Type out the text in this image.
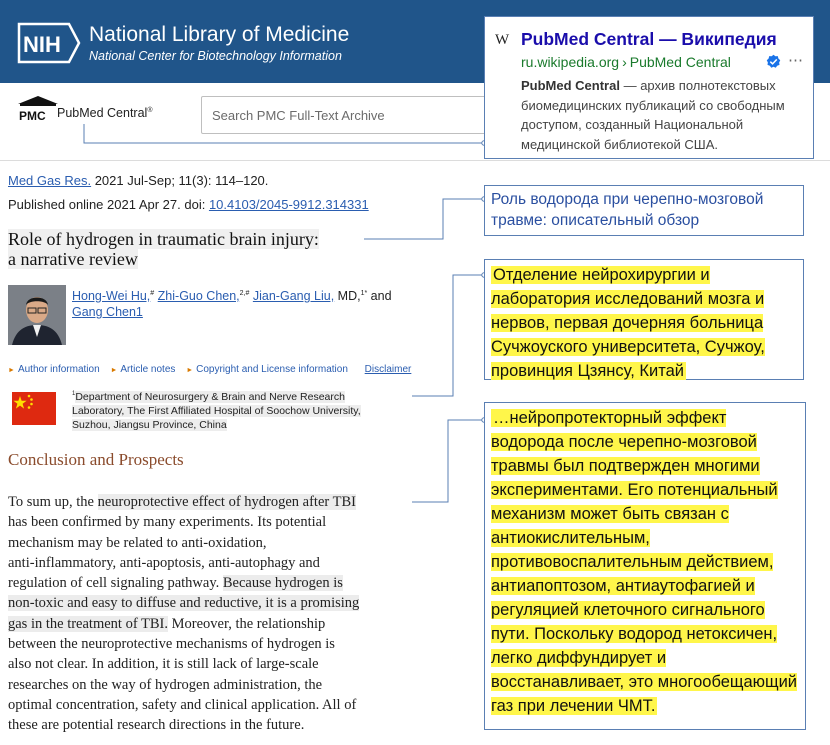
NIH National Library of Medicine
National Center for Biotechnology Information
PMC PubMed Central®
Search PMC Full-Text Archive
Med Gas Res. 2021 Jul-Sep; 11(3): 114–120.
Published online 2021 Apr 27. doi: 10.4103/2045-9912.314331
Role of hydrogen in traumatic brain injury:
a narrative review
Hong-Wei Hu,# Zhi-Guo Chen,$^{2,\#}$ Jian-Gang Liu, MD,$^{1*}$ and
Gang Chen1
► Author information ► Article notes ► Copyright and License information Disclaimer
$^1$Department of Neurosurgery & Brain and Nerve Research
Laboratory, The First Affiliated Hospital of Soochow University,
Suzhou, Jiangsu Province, China
Conclusion and Prospects
To sum up, the neuroprotective effect of hydrogen after TBI
has been confirmed by many experiments. Its potential
mechanism may be related to anti-oxidation,
anti-inflammatory, anti-apoptosis, anti-autophagy and
regulation of cell signaling pathway. Because hydrogen is
non-toxic and easy to diffuse and reductive, it is a promising
gas in the treatment of TBI. Moreover, the relationship
between the neuroprotective mechanisms of hydrogen is
also not clear. In addition, it is still lack of large-scale
researches on the way of hydrogen administration, the
optimal concentration, safety and clinical application. All of
these are potential research directions in the future.
W PubMed Central — Википедия
ru.wikipedia.org › PubMed Central	⋯
PubMed Central — архив полнотекстовых биомедицинских публикаций со свободным доступом, созданный Национальной медицинской библиотекой США.
Роль водорода при черепно-мозговой травме: описательный обзор
Отделение нейрохирургии и лаборатория исследований мозга и нервов, первая дочерняя больница Сучжоуского университета, Сучжоу, провинция Цзянсу, Китай
…нейропротекторный эффект водорода после черепно-мозговой травмы был подтвержден многими экспериментами. Его потенциальный механизм может быть связан с антиокислительным, противовоспалительным действием, антиапоптозом, антиаутофагией и регуляцией клеточного сигнального пути. Поскольку водород нетоксичен, легко диффундирует и восстанавливает, это многообещающий газ при лечении ЧМТ.
